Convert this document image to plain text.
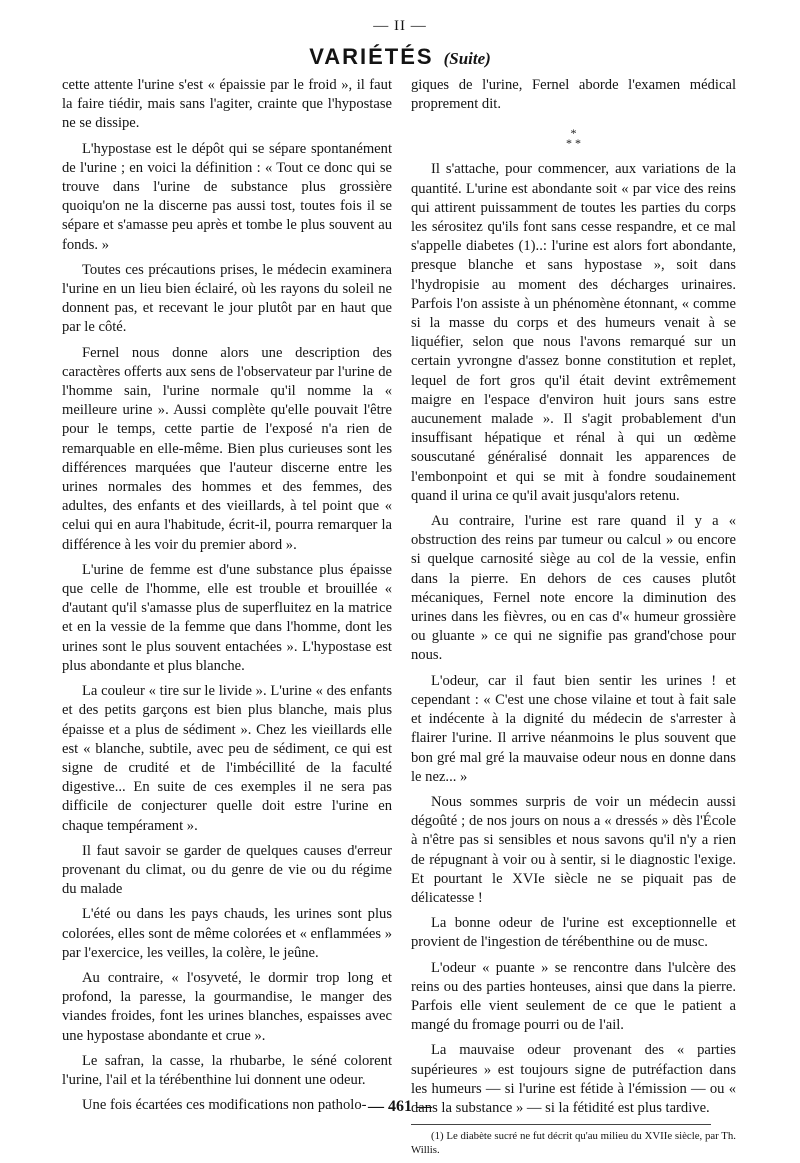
— II —
VARIÉTÉS (Suite)

cette attente l'urine s'est « épaissie par le froid », il faut la faire tiédir, mais sans l'agiter, crainte que l'hypostase ne se dissipe.

L'hypostase est le dépôt qui se sépare spontanément de l'urine ; en voici la définition : « Tout ce donc qui se trouve dans l'urine de substance plus grossière quoiqu'on ne la discerne pas aussi tost, toutes fois il se sépare et s'amasse peu après et tombe le plus souvent au fonds. »

Toutes ces précautions prises, le médecin examinera l'urine en un lieu bien éclairé, où les rayons du soleil ne donnent pas, et recevant le jour plutôt par en haut que par le côté.

Fernel nous donne alors une description des caractères offerts aux sens de l'observateur par l'urine de l'homme sain, l'urine normale qu'il nomme la « meilleure urine ». Aussi complète qu'elle pouvait l'être pour le temps, cette partie de l'exposé n'a rien de remarquable en elle-même. Bien plus curieuses sont les différences marquées que l'auteur discerne entre les urines normales des hommes et des femmes, des adultes, des enfants et des vieillards, à tel point que « celui qui en aura l'habitude, écrit-il, pourra remarquer la différence à les voir du premier abord ».

L'urine de femme est d'une substance plus épaisse que celle de l'homme, elle est trouble et brouillée « d'autant qu'il s'amasse plus de superfluitez en la matrice et en la vessie de la femme que dans l'homme, dont les urines sont le plus souvent entachées ». L'hypostase est plus abondante et plus blanche.

La couleur « tire sur le livide ». L'urine « des enfants et des petits garçons est bien plus blanche, mais plus épaisse et a plus de sédiment ». Chez les vieillards elle est « blanche, subtile, avec peu de sédiment, ce qui est signe de crudité et de l'imbécillité de la faculté digestive... En suite de ces exemples il ne sera pas difficile de conjecturer quelle doit estre l'urine en chaque tempérament ».

Il faut savoir se garder de quelques causes d'erreur provenant du climat, ou du genre de vie ou du régime du malade

L'été ou dans les pays chauds, les urines sont plus colorées, elles sont de même colorées et « enflammées » par l'exercice, les veilles, la colère, le jeûne.

Au contraire, « l'osyveté, le dormir trop long et profond, la paresse, la gourmandise, le manger des viandes froides, font les urines blanches, espaisses avec une hypostase abondante et crue ».

Le safran, la casse, la rhubarbe, le séné colorent l'urine, l'ail et la térébenthine lui donnent une odeur.

Une fois écartées ces modifications non patholo-

giques de l'urine, Fernel aborde l'examen médical proprement dit.

*
* *

Il s'attache, pour commencer, aux variations de la quantité. L'urine est abondante soit « par vice des reins qui attirent puissamment de toutes les parties du corps les sérositez qu'ils font sans cesse respandre, et ce mal s'appelle diabetes (1)..: l'urine est alors fort abondante, presque blanche et sans hypostase », soit dans l'hydropisie au moment des décharges urinaires. Parfois l'on assiste à un phénomène étonnant, « comme si la masse du corps et des humeurs venait à se liquéfier, selon que nous l'avons remarqué sur un certain yvrongne d'assez bonne constitution et replet, lequel de fort gros qu'il était devint extrêmement maigre en l'espace d'environ huit jours sans estre aucunement malade ». Il s'agit probablement d'un insuffisant hépatique et rénal à qui un œdème souscutané généralisé donnait les apparences de l'embonpoint et qui se mit à fondre soudainement quand il urina ce qu'il avait jusqu'alors retenu.

Au contraire, l'urine est rare quand il y a « obstruction des reins par tumeur ou calcul » ou encore si quelque carnosité siège au col de la vessie, enfin dans la pierre. En dehors de ces causes plutôt mécaniques, Fernel note encore la diminution des urines dans les fièvres, ou en cas d'« humeur grossière ou gluante » ce qui ne signifie pas grand'chose pour nous.

L'odeur, car il faut bien sentir les urines ! et cependant : « C'est une chose vilaine et tout à fait sale et indécente à la dignité du médecin de s'arrester à flairer l'urine. Il arrive néanmoins le plus souvent que bon gré mal gré la mauvaise odeur nous en donne dans le nez... »

Nous sommes surpris de voir un médecin aussi dégoûté ; de nos jours on nous a « dressés » dès l'École à n'être pas si sensibles et nous savons qu'il n'y a rien de répugnant à voir ou à sentir, si le diagnostic l'exige. Et pourtant le XVIe siècle ne se piquait pas de délicatesse !

La bonne odeur de l'urine est exceptionnelle et provient de l'ingestion de térébenthine ou de musc.

L'odeur « puante » se rencontre dans l'ulcère des reins ou des parties honteuses, ainsi que dans la pierre. Parfois elle vient seulement de ce que le patient a mangé du fromage pourri ou de l'ail.

La mauvaise odeur provenant des « parties supérieures » est toujours signe de putréfaction dans les humeurs — si l'urine est fétide à l'émission — ou « dans la substance » — si la fétidité est plus tardive.

(1) Le diabète sucré ne fut décrit qu'au milieu du XVIIe siècle, par Th. Willis.

— 461 —
